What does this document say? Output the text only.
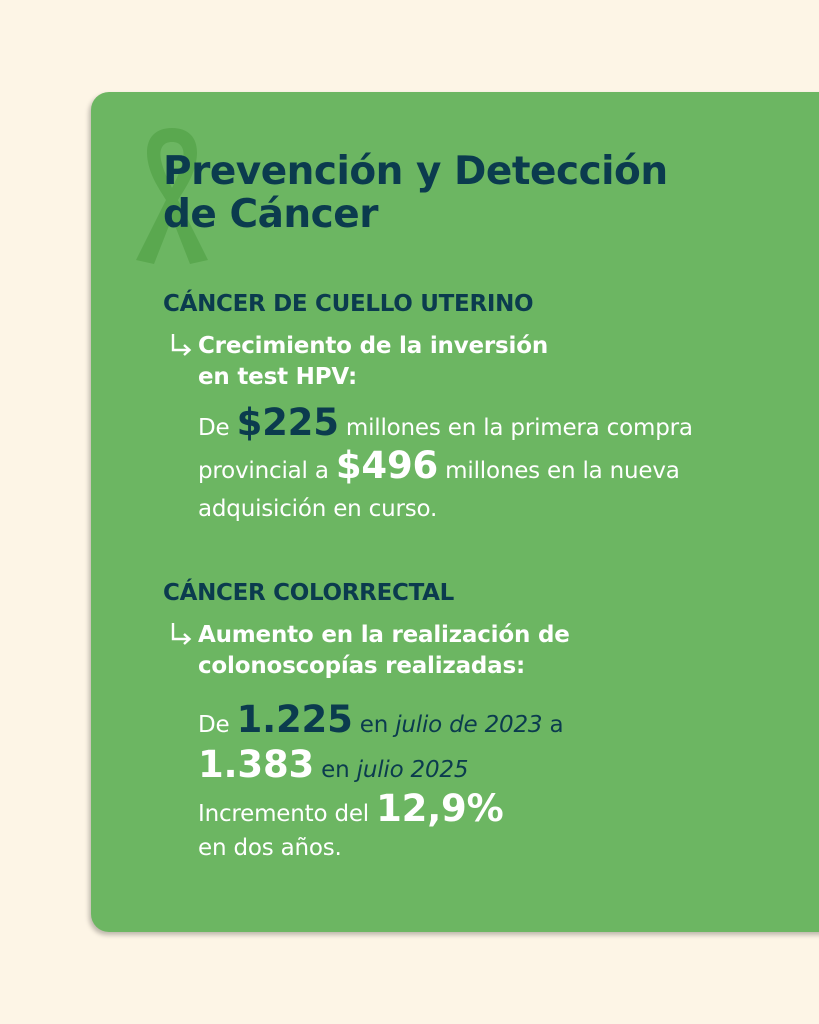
Prevención y Detección
de Cáncer
CÁNCER DE CUELLO UTERINO

Crecimiento de la inversión
en test HPV:

De $225 millones en la primera compra
provincial a $496 millones en la nueva
adquisición en curso.
CÁNCER COLORRECTAL

Aumento en la realización de
colonoscopías realizadas:

De 1.225 en julio de 2023 a
1.383 en julio 2025
Incremento del 12,9%
en dos años.
